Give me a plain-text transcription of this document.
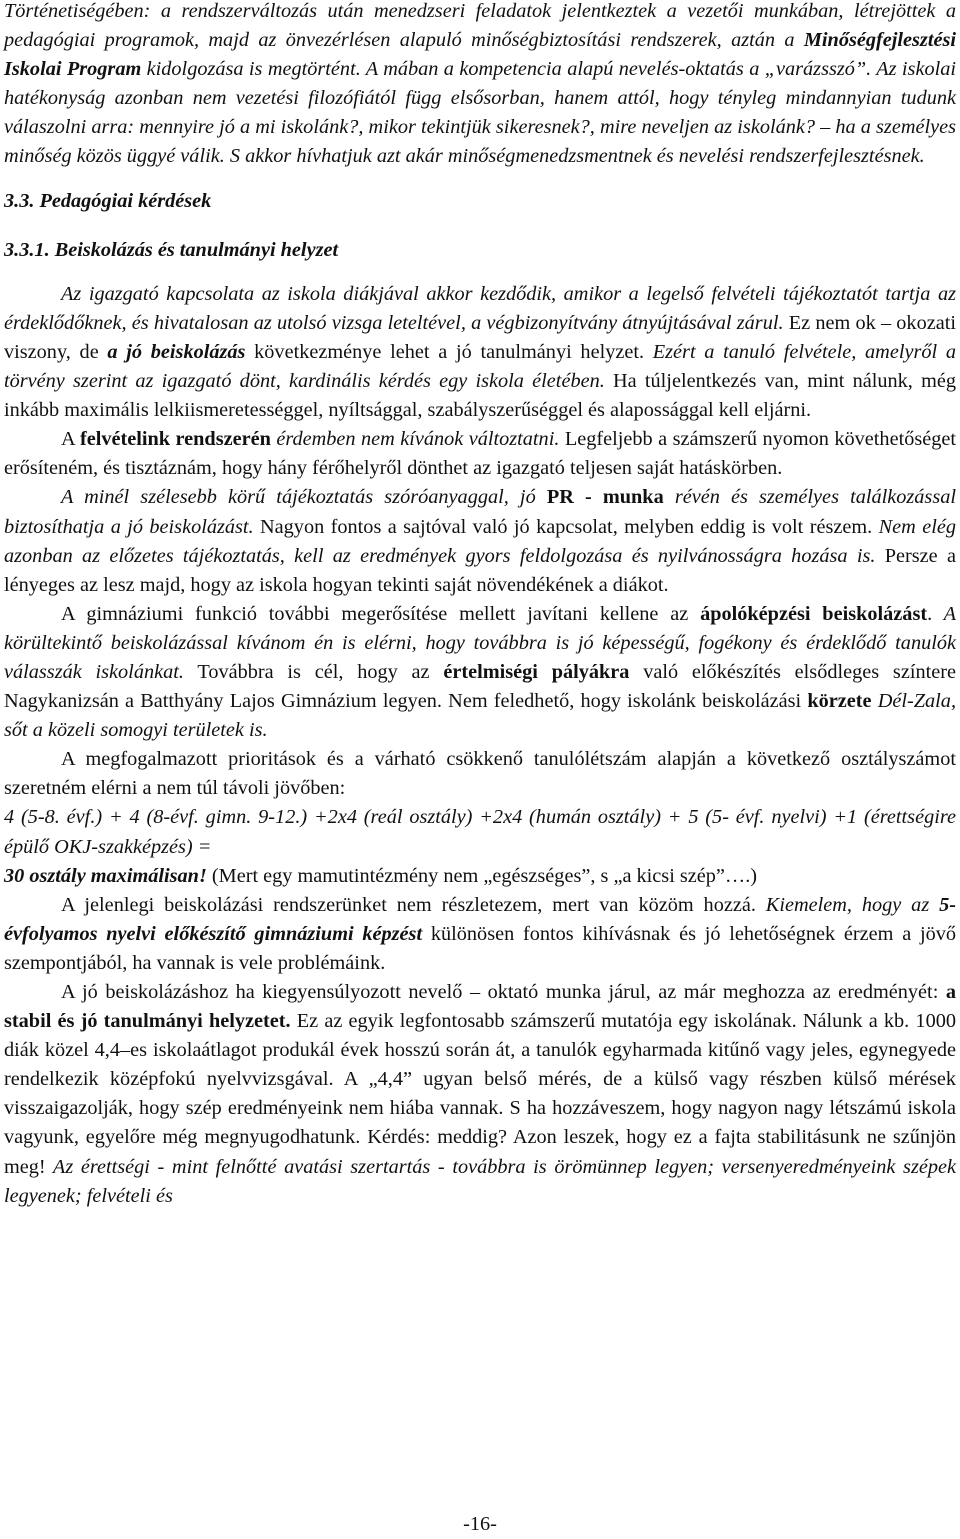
Történetiségében: a rendszerváltozás után menedzseri feladatok jelentkeztek a vezetői munkában, létrejöttek a pedagógiai programok, majd az önvezérlésen alapuló minőségbiztosítási rendszerek, aztán a Minőségfejlesztési Iskolai Program kidolgozása is megtörtént. A mában a kompetencia alapú nevelés-oktatás a „varázsszó”. Az iskolai hatékonyság azonban nem vezetési filozófiától függ elsősorban, hanem attól, hogy tényleg mindannyian tudunk válaszolni arra: mennyire jó a mi iskolánk?, mikor tekintjük sikeresnek?, mire neveljen az iskolánk? – ha a személyes minőség közös üggyé válik. S akkor hívhatjuk azt akár minőségmenedzsmentnek és nevelési rendszerfejlesztésnek.

3.3. Pedagógiai kérdések
3.3.1. Beiskolázás és tanulmányi helyzet

Az igazgató kapcsolata az iskola diákjával akkor kezdődik, amikor a legelső felvételi tájékoztatót tartja az érdeklődőknek, és hivatalosan az utolsó vizsga leteltével, a végbizonyítvány átnyújtásával zárul. Ez nem ok – okozati viszony, de a jó beiskolázás következménye lehet a jó tanulmányi helyzet. Ezért a tanuló felvétele, amelyről a törvény szerint az igazgató dönt, kardinális kérdés egy iskola életében. Ha túljelentkezés van, mint nálunk, még inkább maximális lelkiismeretességgel, nyíltsággal, szabályszerűséggel és alapossággal kell eljárni.

A felvételink rendszerén érdemben nem kívánok változtatni. Legfeljebb a számszerű nyomon követhetőséget erősíteném, és tisztáznám, hogy hány férőhelyről dönthet az igazgató teljesen saját hatáskörben.

A minél szélesebb körű tájékoztatás szóróanyaggal, jó PR - munka révén és személyes találkozással biztosíthatja a jó beiskolázást. Nagyon fontos a sajtóval való jó kapcsolat, melyben eddig is volt részem. Nem elég azonban az előzetes tájékoztatás, kell az eredmények gyors feldolgozása és nyilvánosságra hozása is. Persze a lényeges az lesz majd, hogy az iskola hogyan tekinti saját növendékének a diákot.

A gimnáziumi funkció további megerősítése mellett javítani kellene az ápolóképzési beiskolázást. A körültekintő beiskolázással kívánom én is elérni, hogy továbbra is jó képességű, fogékony és érdeklődő tanulók válasszák iskolánkat. Továbbra is cél, hogy az értelmiségi pályákra való előkészítés elsődleges színtere Nagykanizsán a Batthyány Lajos Gimnázium legyen. Nem feledhető, hogy iskolánk beiskolázási körzete Dél-Zala, sőt a közeli somogyi területek is.

A megfogalmazott prioritások és a várható csökkenő tanulólétszám alapján a következő osztályszámot szeretném elérni a nem túl távoli jövőben:
4 (5-8. évf.) + 4 (8-évf. gimn. 9-12.) +2x4 (reál osztály) +2x4 (humán osztály) + 5 (5- évf. nyelvi) +1 (érettségire épülő OKJ-szakképzés) =30 osztály maximálisan! (Mert egy mamutintézmény nem „egészséges”, s „a kicsi szép”….)

A jelenlegi beiskolázási rendszerünket nem részletezem, mert van közöm hozzá. Kiemelem, hogy az 5-évfolyamos nyelvi előkészítő gimnáziumi képzést különösen fontos kihívásnak és jó lehetőségnek érzem a jövő szempontjából, ha vannak is vele problémáink.

A jó beiskolázáshoz ha kiegyensúlyozott nevelő – oktató munka járul, az már meghozza az eredményét: a stabil és jó tanulmányi helyzetet. Ez az egyik legfontosabb számszerű mutatója egy iskolának. Nálunk a kb. 1000 diák közel 4,4–es iskolaátlagot produkál évek hosszú során át, a tanulók egyharmada kitűnő vagy jeles, egynegyede rendelkezik középfokú nyelvvizsgával. A „4,4” ugyan belső mérés, de a külső vagy részben külső mérések visszaigazolják, hogy szép eredményeink nem hiába vannak. S ha hozzáveszem, hogy nagyon nagy létszámú iskola vagyunk, egyelőre még megnyugodhatunk. Kérdés: meddig? Azon leszek, hogy ez a fajta stabilitásunk ne szűnjön meg! Az érettségi - mint felnőtté avatási szertartás - továbbra is örömünnep legyen; versenyeredményeink szépek legyenek; felvételi és

-16-
